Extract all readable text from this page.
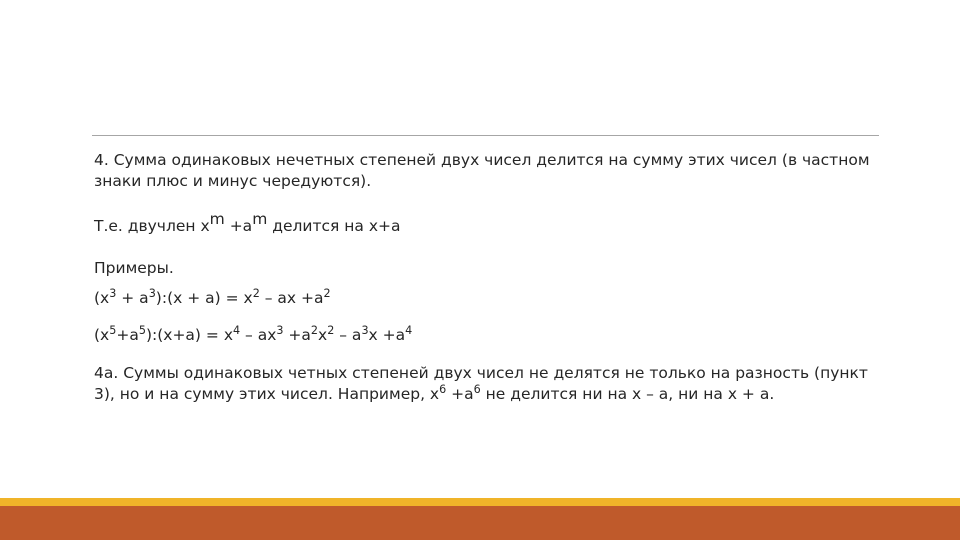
4. Сумма одинаковых нечетных степеней двух чисел делится на сумму этих чисел (в частном знаки плюс и минус чередуются).

Т.е. двучлен xm +am делится на x+a

Примеры.

($x^3$ + $a^3):(x + a) = x^2$ – ax $+a^2$

$(x^5+a^5):(x+a) = x^4 - ax^3 +a^2x^2 - a^3x +a^4$

4а. Суммы одинаковых четных степеней двух чисел не делятся не только на разность (пункт 3), но и на сумму этих чисел. Например, $x^6 +a^6$ не делится ни на x – a, ни на x + a.
